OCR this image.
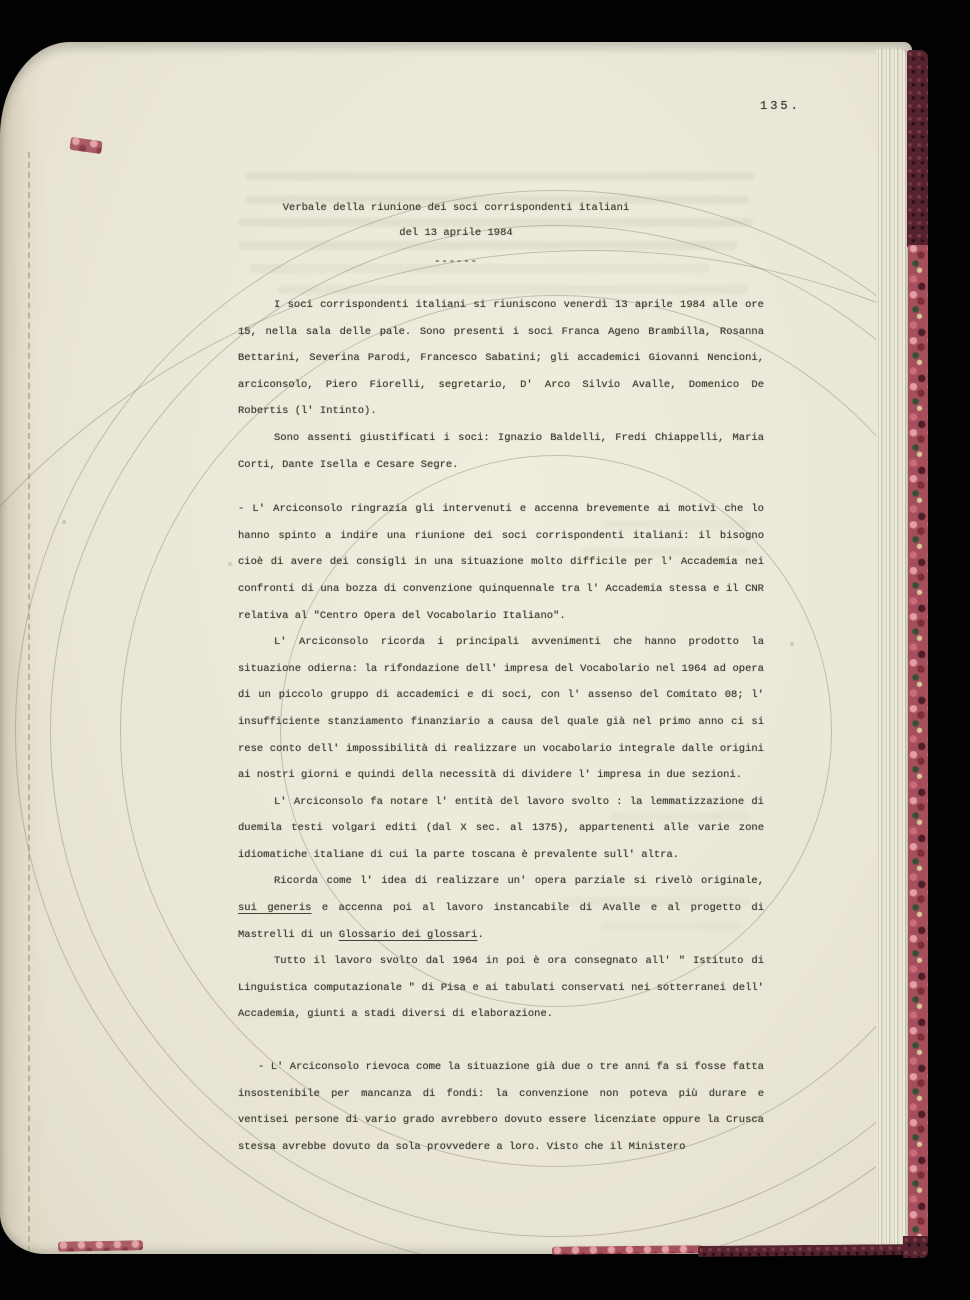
135.
Verbale della riunione dei soci corrispondenti italiani
del 13 aprile 1984
------

I soci corrispondenti italiani si riuniscono venerdì 13 aprile 1984 alle ore 15, nella sala delle pale. Sono presenti i soci Franca Ageno Brambilla, Rosanna Bettarini, Severina Parodi, Francesco Sabatini; gli accademici Giovanni Nencioni, arciconsolo, Piero Fiorelli, segretario, D' Arco Silvio Avalle, Domenico De Robertis (l' Intinto).

Sono assenti giustificati i soci: Ignazio Baldelli, Fredi Chiappelli, Maria Corti, Dante Isella e Cesare Segre.

- L' Arciconsolo ringrazia gli intervenuti e accenna brevemente ai motivi che lo hanno spinto a indire una riunione dei soci corrispondenti italiani: il bisogno cioè di avere dei consigli in una situazione molto difficile per l' Accademia nei confronti di una bozza di convenzione quinquennale tra l' Accademia stessa e il CNR relativa al "Centro Opera del Vocabolario Italiano".

L' Arciconsolo ricorda i principali avvenimenti che hanno prodotto la situazione odierna: la rifondazione dell' impresa del Vocabolario nel 1964 ad opera di un piccolo gruppo di accademici e di soci, con l' assenso del Comitato 08; l' insufficiente stanziamento finanziario a causa del quale già nel primo anno ci si rese conto dell' impossibilità di realizzare un vocabolario integrale dalle origini ai nostri giorni e quindi della necessità di dividere l' impresa in due sezioni.

L' Arciconsolo fa notare l' entità del lavoro svolto : la lemmatizzazione di duemila testi volgari editi (dal X sec. al 1375), appartenenti alle varie zone idiomatiche italiane di cui la parte toscana è prevalente sull' altra.

Ricorda come l' idea di realizzare un' opera parziale si rivelò originale, sui generis e accenna poi al lavoro instancabile di Avalle e al progetto di Mastrelli di un Glossario dei glossari.

Tutto il lavoro svolto dal 1964 in poi è ora consegnato all' " Istituto di Linguistica computazionale " di Pisa e ai tabulati conservati nei sotterranei dell' Accademia, giunti a stadi diversi di elaborazione.

- L' Arciconsolo rievoca come la situazione già due o tre anni fa si fosse fatta insostenibile per mancanza di fondi: la convenzione non poteva più durare e ventisei persone di vario grado avrebbero dovuto essere licenziate oppure la Crusca stessa avrebbe dovuto da sola provvedere a loro. Visto che il Ministero
